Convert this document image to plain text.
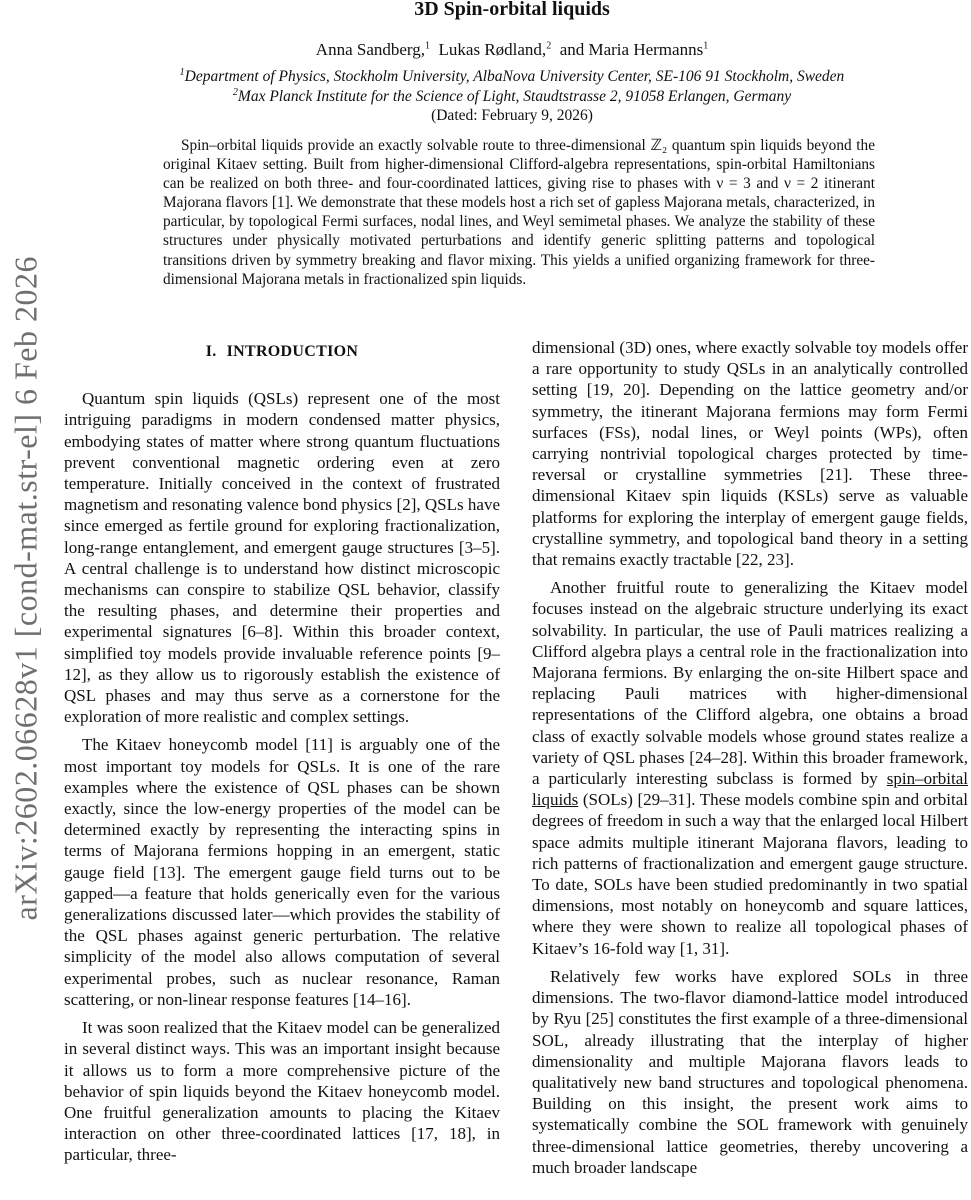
arXiv:2602.06628v1 [cond-mat.str-el] 6 Feb 2026
3D Spin-orbital liquids
Anna Sandberg,$^1$ Lukas Rødland,$^2$ and Maria Hermanns$^1$
$^1$Department of Physics, Stockholm University, AlbaNova University Center, SE-106 91 Stockholm, Sweden
$^2$Max Planck Institute for the Science of Light, Staudtstrasse 2, 91058 Erlangen, Germany
(Dated: February 9, 2026)
Spin–orbital liquids provide an exactly solvable route to three-dimensional ℤ₂ quantum spin liquids beyond the original Kitaev setting. Built from higher-dimensional Clifford-algebra representations, spin-orbital Hamiltonians can be realized on both three- and four-coordinated lattices, giving rise to phases with ν = 3 and ν = 2 itinerant Majorana flavors [1]. We demonstrate that these models host a rich set of gapless Majorana metals, characterized, in particular, by topological Fermi surfaces, nodal lines, and Weyl semimetal phases. We analyze the stability of these structures under physically motivated perturbations and identify generic splitting patterns and topological transitions driven by symmetry breaking and flavor mixing. This yields a unified organizing framework for three-dimensional Majorana metals in fractionalized spin liquids.
I. INTRODUCTION

Quantum spin liquids (QSLs) represent one of the most intriguing paradigms in modern condensed matter physics, embodying states of matter where strong quantum fluctuations prevent conventional magnetic ordering even at zero temperature. Initially conceived in the context of frustrated magnetism and resonating valence bond physics [2], QSLs have since emerged as fertile ground for exploring fractionalization, long-range entanglement, and emergent gauge structures [3–5]. A central challenge is to understand how distinct microscopic mechanisms can conspire to stabilize QSL behavior, classify the resulting phases, and determine their properties and experimental signatures [6–8]. Within this broader context, simplified toy models provide invaluable reference points [9–12], as they allow us to rigorously establish the existence of QSL phases and may thus serve as a cornerstone for the exploration of more realistic and complex settings.

The Kitaev honeycomb model [11] is arguably one of the most important toy models for QSLs. It is one of the rare examples where the existence of QSL phases can be shown exactly, since the low-energy properties of the model can be determined exactly by representing the interacting spins in terms of Majorana fermions hopping in an emergent, static gauge field [13]. The emergent gauge field turns out to be gapped—a feature that holds generically even for the various generalizations discussed later—which provides the stability of the QSL phases against generic perturbation. The relative simplicity of the model also allows computation of several experimental probes, such as nuclear resonance, Raman scattering, or non-linear response features [14–16].

It was soon realized that the Kitaev model can be generalized in several distinct ways. This was an important insight because it allows us to form a more comprehensive picture of the behavior of spin liquids beyond the Kitaev honeycomb model. One fruitful generalization amounts to placing the Kitaev interaction on other three-coordinated lattices [17, 18], in particular, three-

dimensional (3D) ones, where exactly solvable toy models offer a rare opportunity to study QSLs in an analytically controlled setting [19, 20]. Depending on the lattice geometry and/or symmetry, the itinerant Majorana fermions may form Fermi surfaces (FSs), nodal lines, or Weyl points (WPs), often carrying nontrivial topological charges protected by time-reversal or crystalline symmetries [21]. These three-dimensional Kitaev spin liquids (KSLs) serve as valuable platforms for exploring the interplay of emergent gauge fields, crystalline symmetry, and topological band theory in a setting that remains exactly tractable [22, 23].

Another fruitful route to generalizing the Kitaev model focuses instead on the algebraic structure underlying its exact solvability. In particular, the use of Pauli matrices realizing a Clifford algebra plays a central role in the fractionalization into Majorana fermions. By enlarging the on-site Hilbert space and replacing Pauli matrices with higher-dimensional representations of the Clifford algebra, one obtains a broad class of exactly solvable models whose ground states realize a variety of QSL phases [24–28]. Within this broader framework, a particularly interesting subclass is formed by spin–orbital liquids (SOLs) [29–31]. These models combine spin and orbital degrees of freedom in such a way that the enlarged local Hilbert space admits multiple itinerant Majorana flavors, leading to rich patterns of fractionalization and emergent gauge structure. To date, SOLs have been studied predominantly in two spatial dimensions, most notably on honeycomb and square lattices, where they were shown to realize all topological phases of Kitaev’s 16-fold way [1, 31].

Relatively few works have explored SOLs in three dimensions. The two-flavor diamond-lattice model introduced by Ryu [25] constitutes the first example of a three-dimensional SOL, already illustrating that the interplay of higher dimensionality and multiple Majorana flavors leads to qualitatively new band structures and topological phenomena. Building on this insight, the present work aims to systematically combine the SOL framework with genuinely three-dimensional lattice geometries, thereby uncovering a much broader landscape
